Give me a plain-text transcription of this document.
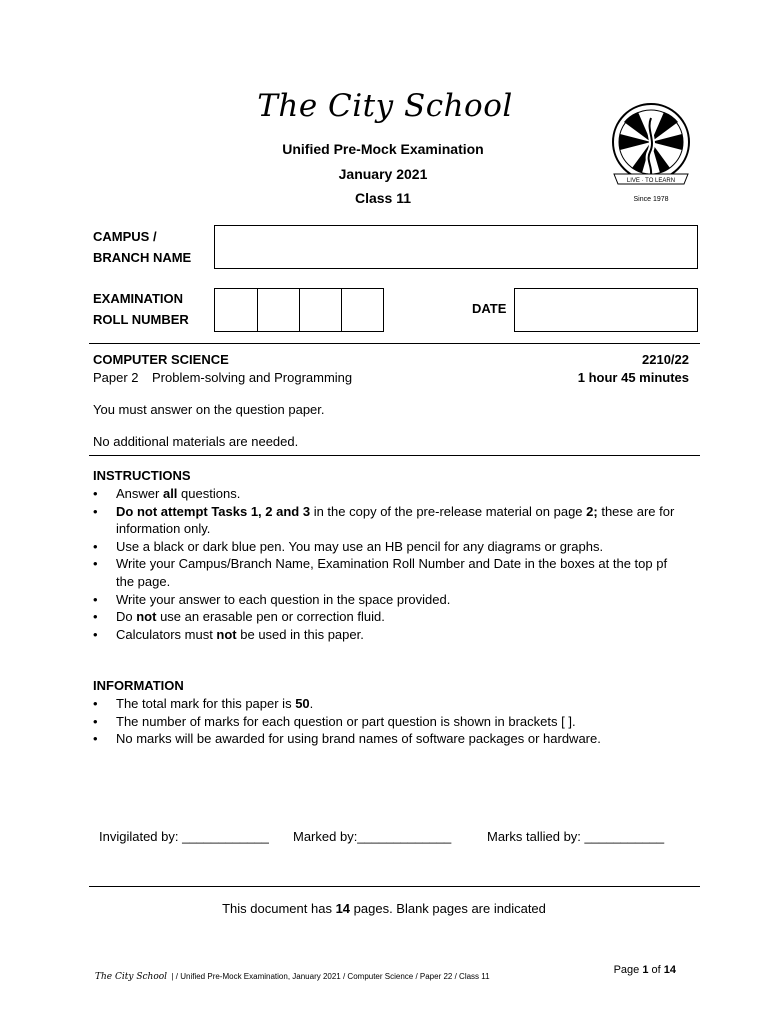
The City School
Unified Pre-Mock Examination
January 2021
Class 11
LIVE · TO LEARN
Since 1978
CAMPUS /
BRANCH NAME
EXAMINATION
ROLL NUMBER
DATE
COMPUTER SCIENCE	2210/22
Paper 2 Problem-solving and Programming	1 hour 45 minutes
You must answer on the question paper.
No additional materials are needed.
INSTRUCTIONS
• Answer all questions.
• Do not attempt Tasks 1, 2 and 3 in the copy of the pre-release material on page 2; these are for information only.
• Use a black or dark blue pen. You may use an HB pencil for any diagrams or graphs.
• Write your Campus/Branch Name, Examination Roll Number and Date in the boxes at the top pf the page.
• Write your answer to each question in the space provided.
• Do not use an erasable pen or correction fluid.
• Calculators must not be used in this paper.
INFORMATION
• The total mark for this paper is 50.
• The number of marks for each question or part question is shown in brackets [ ].
• No marks will be awarded for using brand names of software packages or hardware.
Invigilated by: ____________ Marked by:_____________	Marks tallied by: ___________
This document has 14 pages. Blank pages are indicated
The City School | / Unified Pre-Mock Examination, January 2021 / Computer Science / Paper 22 / Class 11
Page 1 of 14
